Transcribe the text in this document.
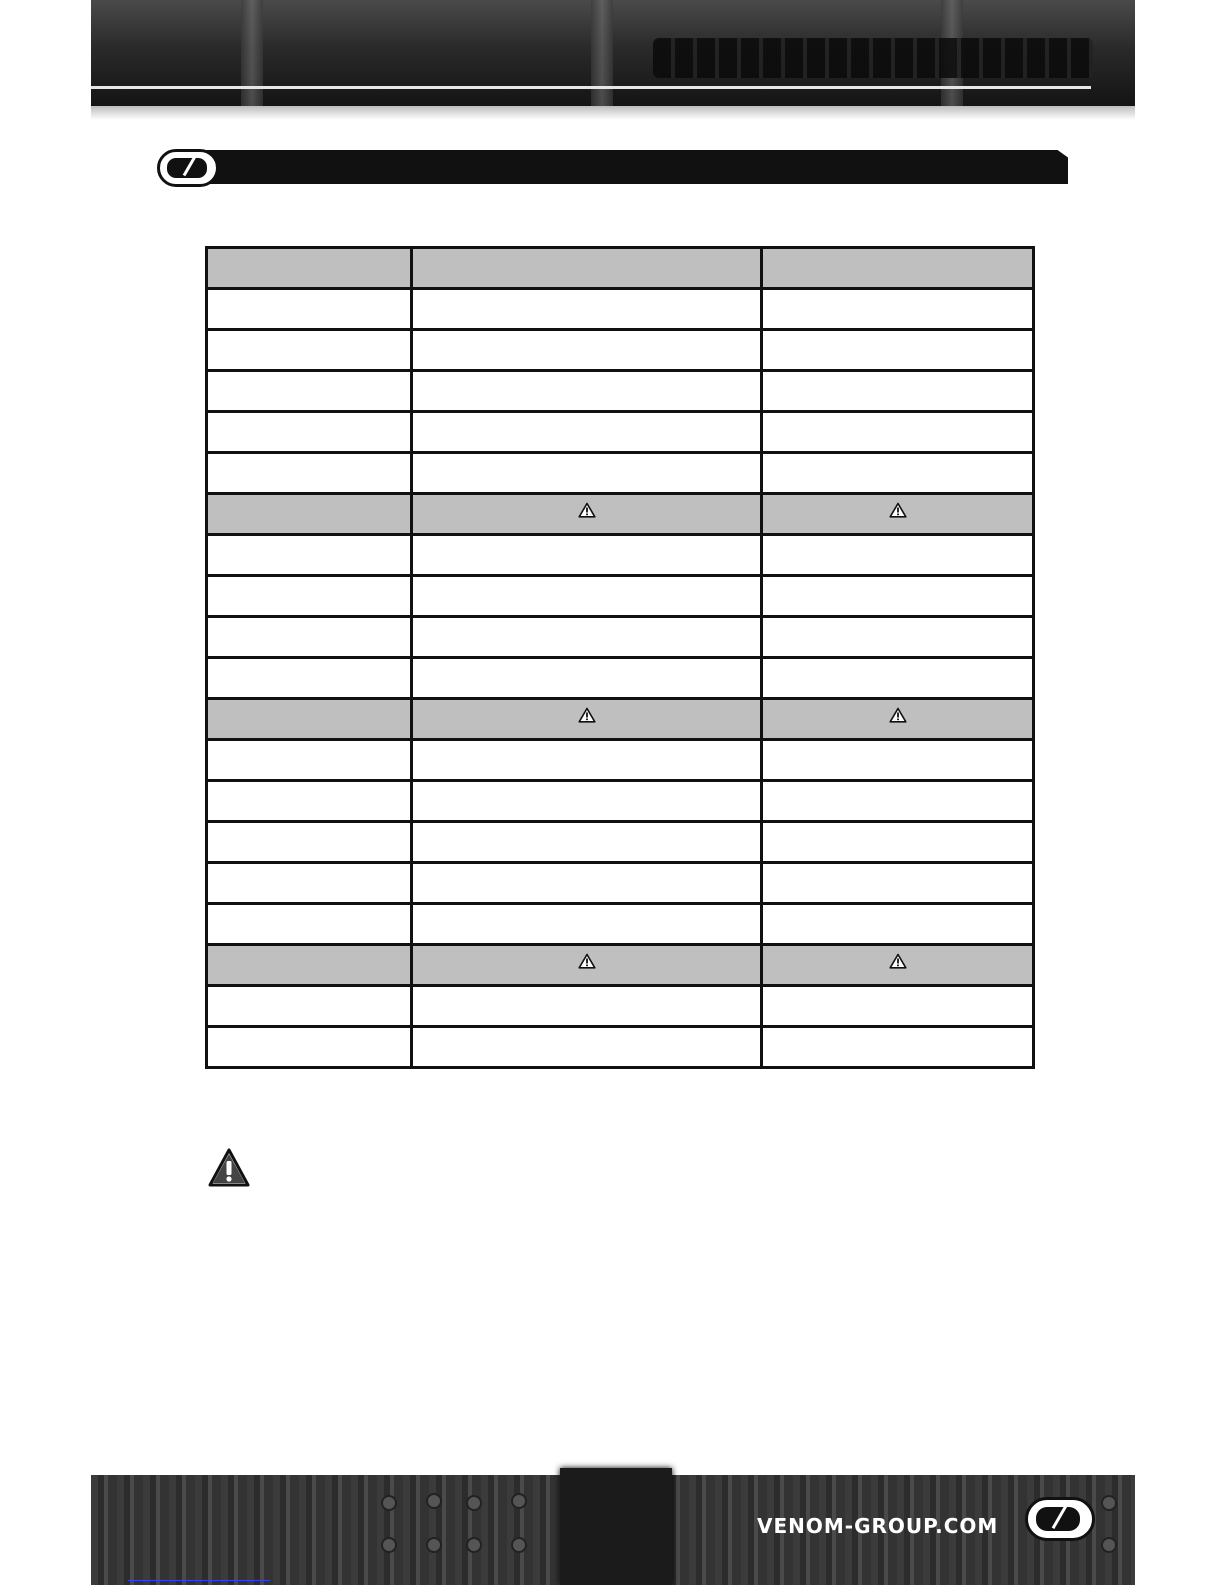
VENOM-GROUP.COM
